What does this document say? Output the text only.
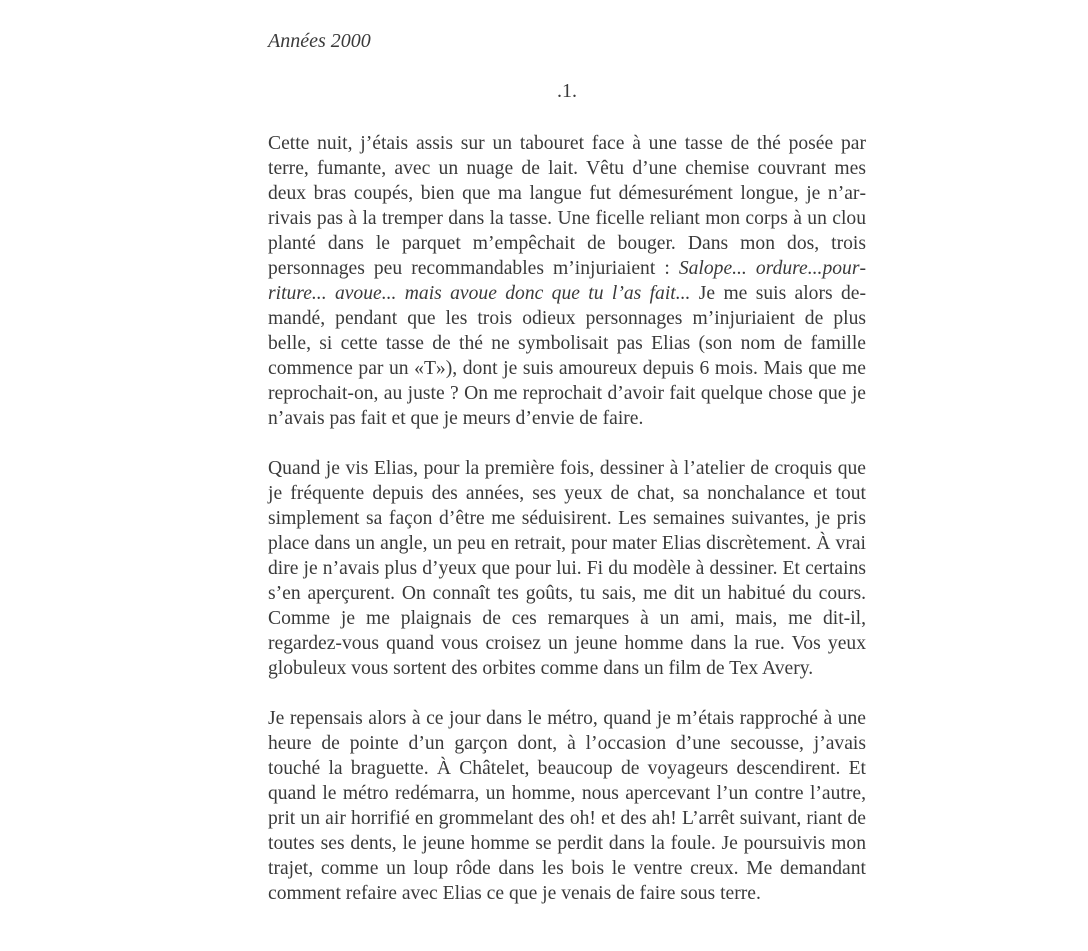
Années 2000

.1.

Cette nuit, j’étais assis sur un tabouret face à une tasse de thé posée par terre, fumante, avec un nuage de lait. Vêtu d’une chemise couvrant mes deux bras coupés, bien que ma langue fut démesurément longue, je n’arrivais pas à la tremper dans la tasse. Une ficelle reliant mon corps à un clou planté dans le parquet m’empêchait de bouger. Dans mon dos, trois personnages peu recommandables m’injuriaient : Salope... ordure...pourriture... avoue... mais avoue donc que tu l’as fait... Je me suis alors demandé, pendant que les trois odieux personnages m’injuriaient de plus belle, si cette tasse de thé ne symbolisait pas Elias (son nom de famille commence par un «T»), dont je suis amoureux depuis 6 mois. Mais que me reprochait-on, au juste ? On me reprochait d’avoir fait quelque chose que je n’avais pas fait et que je meurs d’envie de faire.

Quand je vis Elias, pour la première fois, dessiner à l’atelier de croquis que je fréquente depuis des années, ses yeux de chat, sa nonchalance et tout simplement sa façon d’être me séduisirent. Les semaines suivantes, je pris place dans un angle, un peu en retrait, pour mater Elias discrètement. À vrai dire je n’avais plus d’yeux que pour lui. Fi du modèle à dessiner. Et certains s’en aperçurent. On connaît tes goûts, tu sais, me dit un habitué du cours. Comme je me plaignais de ces remarques à un ami, mais, me dit-il, regardez-vous quand vous croisez un jeune homme dans la rue. Vos yeux globuleux vous sortent des orbites comme dans un film de Tex Avery.

Je repensais alors à ce jour dans le métro, quand je m’étais rapproché à une heure de pointe d’un garçon dont, à l’occasion d’une secousse, j’avais touché la braguette. À Châtelet, beaucoup de voyageurs descendirent. Et quand le métro redémarra, un homme, nous apercevant l’un contre l’autre, prit un air horrifié en grommelant des oh! et des ah! L’arrêt suivant, riant de toutes ses dents, le jeune homme se perdit dans la foule. Je poursuivis mon trajet, comme un loup rôde dans les bois le ventre creux. Me demandant comment refaire avec Elias ce que je venais de faire sous terre.
